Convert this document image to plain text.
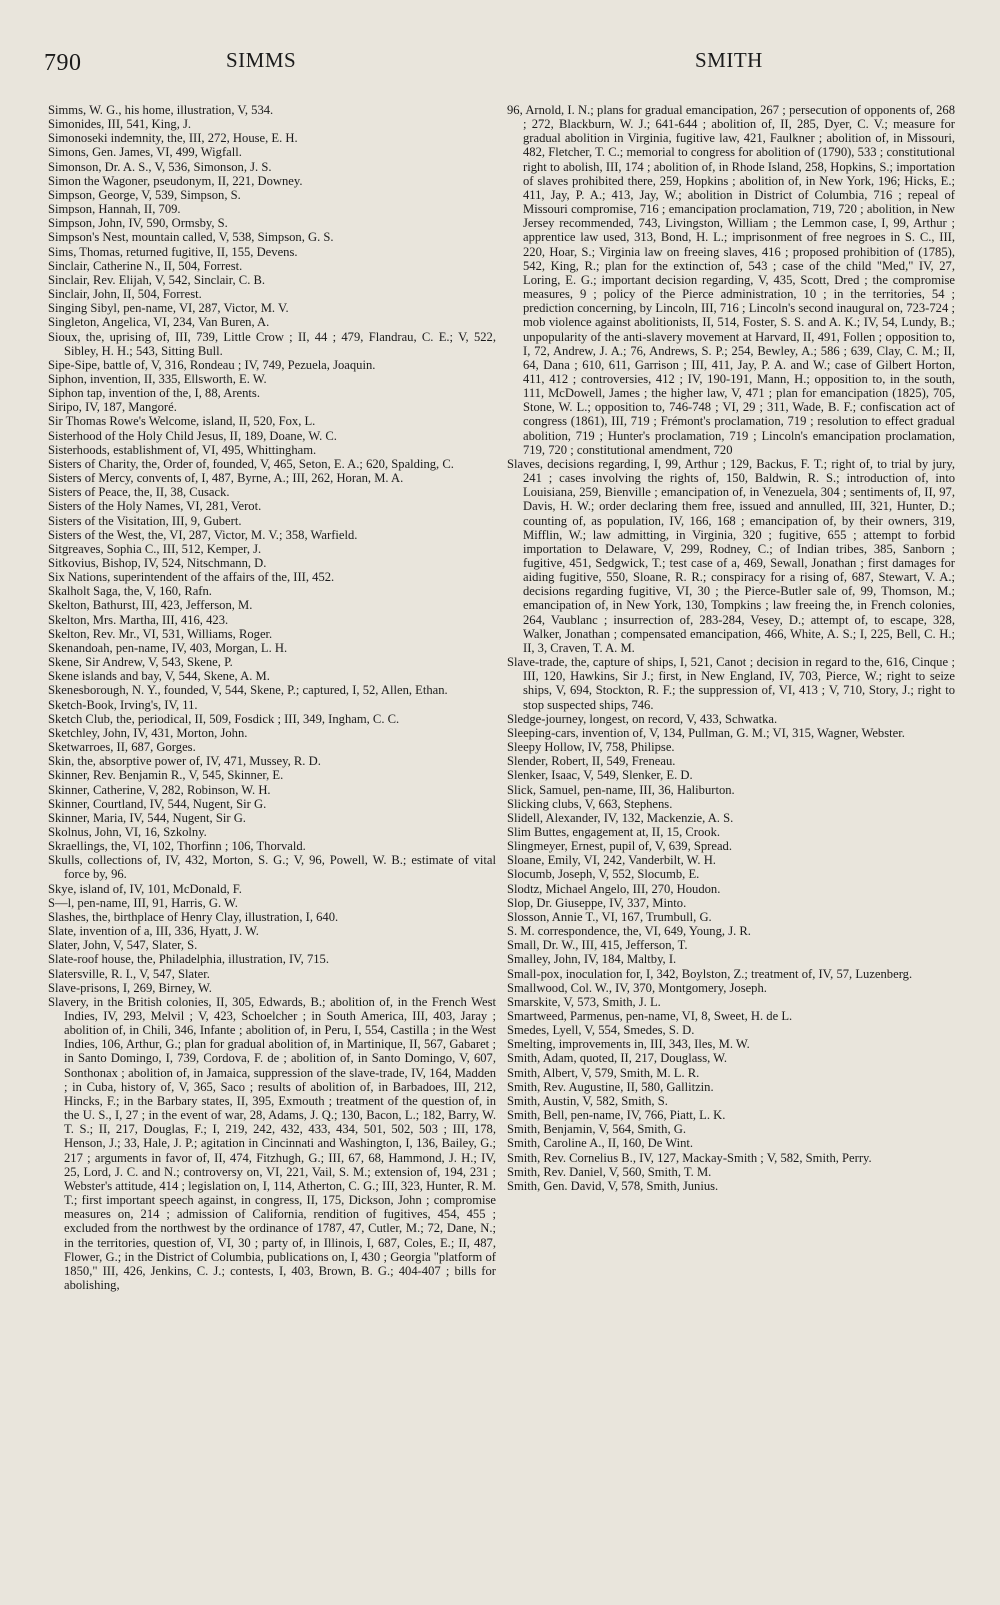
790	SIMMS	SMITH

Simms, W. G., his home, illustration, V, 534.

Simonides, III, 541, King, J.

Simonoseki indemnity, the, III, 272, House, E. H.

Simons, Gen. James, VI, 499, Wigfall.

Simonson, Dr. A. S., V, 536, Simonson, J. S.

Simon the Wagoner, pseudonym, II, 221, Downey.

Simpson, George, V, 539, Simpson, S.

Simpson, Hannah, II, 709.

Simpson, John, IV, 590, Ormsby, S.

Simpson's Nest, mountain called, V, 538, Simpson, G. S.

Sims, Thomas, returned fugitive, II, 155, Devens.

Sinclair, Catherine N., II, 504, Forrest.

Sinclair, Rev. Elijah, V, 542, Sinclair, C. B.

Sinclair, John, II, 504, Forrest.

Singing Sibyl, pen-name, VI, 287, Victor, M. V.

Singleton, Angelica, VI, 234, Van Buren, A.

Sioux, the, uprising of, III, 739, Little Crow ; II, 44 ; 479, Flandrau, C. E.; V, 522, Sibley, H. H.; 543, Sitting Bull.

Sipe-Sipe, battle of, V, 316, Rondeau ; IV, 749, Pezuela, Joaquin.

Siphon, invention, II, 335, Ellsworth, E. W.

Siphon tap, invention of the, I, 88, Arents.

Siripo, IV, 187, Mangoré.

Sir Thomas Rowe's Welcome, island, II, 520, Fox, L.

Sisterhood of the Holy Child Jesus, II, 189, Doane, W. C.

Sisterhoods, establishment of, VI, 495, Whittingham.

Sisters of Charity, the, Order of, founded, V, 465, Seton, E. A.; 620, Spalding, C.

Sisters of Mercy, convents of, I, 487, Byrne, A.; III, 262, Horan, M. A.

Sisters of Peace, the, II, 38, Cusack.

Sisters of the Holy Names, VI, 281, Verot.

Sisters of the Visitation, III, 9, Gubert.

Sisters of the West, the, VI, 287, Victor, M. V.; 358, Warfield.

Sitgreaves, Sophia C., III, 512, Kemper, J.

Sitkovius, Bishop, IV, 524, Nitschmann, D.

Six Nations, superintendent of the affairs of the, III, 452.

Skalholt Saga, the, V, 160, Rafn.

Skelton, Bathurst, III, 423, Jefferson, M.

Skelton, Mrs. Martha, III, 416, 423.

Skelton, Rev. Mr., VI, 531, Williams, Roger.

Skenandoah, pen-name, IV, 403, Morgan, L. H.

Skene, Sir Andrew, V, 543, Skene, P.

Skene islands and bay, V, 544, Skene, A. M.

Skenesborough, N. Y., founded, V, 544, Skene, P.; captured, I, 52, Allen, Ethan.

Sketch-Book, Irving's, IV, 11.

Sketch Club, the, periodical, II, 509, Fosdick ; III, 349, Ingham, C. C.

Sketchley, John, IV, 431, Morton, John.

Sketwarroes, II, 687, Gorges.

Skin, the, absorptive power of, IV, 471, Mussey, R. D.

Skinner, Rev. Benjamin R., V, 545, Skinner, E.

Skinner, Catherine, V, 282, Robinson, W. H.

Skinner, Courtland, IV, 544, Nugent, Sir G.

Skinner, Maria, IV, 544, Nugent, Sir G.

Skolnus, John, VI, 16, Szkolny.

Skraellings, the, VI, 102, Thorfinn ; 106, Thorvald.

Skulls, collections of, IV, 432, Morton, S. G.; V, 96, Powell, W. B.; estimate of vital force by, 96.

Skye, island of, IV, 101, McDonald, F.

S—l, pen-name, III, 91, Harris, G. W.

Slashes, the, birthplace of Henry Clay, illustration, I, 640.

Slate, invention of a, III, 336, Hyatt, J. W.

Slater, John, V, 547, Slater, S.

Slate-roof house, the, Philadelphia, illustration, IV, 715.

Slatersville, R. I., V, 547, Slater.

Slave-prisons, I, 269, Birney, W.

Slavery, in the British colonies, II, 305, Edwards, B.; abolition of, in the French West Indies, IV, 293, Melvil ; V, 423, Schoelcher ; in South America, III, 403, Jaray ; abolition of, in Chili, 346, Infante ; abolition of, in Peru, I, 554, Castilla ; in the West Indies, 106, Arthur, G.; plan for gradual abolition of, in Martinique, II, 567, Gabaret ; in Santo Domingo, I, 739, Cordova, F. de ; abolition of, in Santo Domingo, V, 607, Sonthonax ; abolition of, in Jamaica, suppression of the slave-trade, IV, 164, Madden ; in Cuba, history of, V, 365, Saco ; results of abolition of, in Barbadoes, III, 212, Hincks, F.; in the Barbary states, II, 395, Exmouth ; treatment of the question of, in the U. S., I, 27 ; in the event of war, 28, Adams, J. Q.; 130, Bacon, L.; 182, Barry, W. T. S.; II, 217, Douglas, F.; I, 219, 242, 432, 433, 434, 501, 502, 503 ; III, 178, Henson, J.; 33, Hale, J. P.; agitation in Cincinnati and Washington, I, 136, Bailey, G.; 217 ; arguments in favor of, II, 474, Fitzhugh, G.; III, 67, 68, Hammond, J. H.; IV, 25, Lord, J. C. and N.; controversy on, VI, 221, Vail, S. M.; extension of, 194, 231 ; Webster's attitude, 414 ; legislation on, I, 114, Atherton, C. G.; III, 323, Hunter, R. M. T.; first important speech against, in congress, II, 175, Dickson, John ; compromise measures on, 214 ; admission of California, rendition of fugitives, 454, 455 ; excluded from the northwest by the ordinance of 1787, 47, Cutler, M.; 72, Dane, N.; in the territories, question of, VI, 30 ; party of, in Illinois, I, 687, Coles, E.; II, 487, Flower, G.; in the District of Columbia, publications on, I, 430 ; Georgia "platform of 1850," III, 426, Jenkins, C. J.; contests, I, 403, Brown, B. G.; 404-407 ; bills for abolishing,

96, Arnold, I. N.; plans for gradual emancipation, 267 ; persecution of opponents of, 268 ; 272, Blackburn, W. J.; 641-644 ; abolition of, II, 285, Dyer, C. V.; measure for gradual abolition in Virginia, fugitive law, 421, Faulkner ; abolition of, in Missouri, 482, Fletcher, T. C.; memorial to congress for abolition of (1790), 533 ; constitutional right to abolish, III, 174 ; abolition of, in Rhode Island, 258, Hopkins, S.; importation of slaves prohibited there, 259, Hopkins ; abolition of, in New York, 196; Hicks, E.; 411, Jay, P. A.; 413, Jay, W.; abolition in District of Columbia, 716 ; repeal of Missouri compromise, 716 ; emancipation proclamation, 719, 720 ; abolition, in New Jersey recommended, 743, Livingston, William ; the Lemmon case, I, 99, Arthur ; apprentice law used, 313, Bond, H. L.; imprisonment of free negroes in S. C., III, 220, Hoar, S.; Virginia law on freeing slaves, 416 ; proposed prohibition of (1785), 542, King, R.; plan for the extinction of, 543 ; case of the child "Med," IV, 27, Loring, E. G.; important decision regarding, V, 435, Scott, Dred ; the compromise measures, 9 ; policy of the Pierce administration, 10 ; in the territories, 54 ; prediction concerning, by Lincoln, III, 716 ; Lincoln's second inaugural on, 723-724 ; mob violence against abolitionists, II, 514, Foster, S. S. and A. K.; IV, 54, Lundy, B.; unpopularity of the anti-slavery movement at Harvard, II, 491, Follen ; opposition to, I, 72, Andrew, J. A.; 76, Andrews, S. P.; 254, Bewley, A.; 586 ; 639, Clay, C. M.; II, 64, Dana ; 610, 611, Garrison ; III, 411, Jay, P. A. and W.; case of Gilbert Horton, 411, 412 ; controversies, 412 ; IV, 190-191, Mann, H.; opposition to, in the south, 111, McDowell, James ; the higher law, V, 471 ; plan for emancipation (1825), 705, Stone, W. L.; opposition to, 746-748 ; VI, 29 ; 311, Wade, B. F.; confiscation act of congress (1861), III, 719 ; Frémont's proclamation, 719 ; resolution to effect gradual abolition, 719 ; Hunter's proclamation, 719 ; Lincoln's emancipation proclamation, 719, 720 ; constitutional amendment, 720

Slaves, decisions regarding, I, 99, Arthur ; 129, Backus, F. T.; right of, to trial by jury, 241 ; cases involving the rights of, 150, Baldwin, R. S.; introduction of, into Louisiana, 259, Bienville ; emancipation of, in Venezuela, 304 ; sentiments of, II, 97, Davis, H. W.; order declaring them free, issued and annulled, III, 321, Hunter, D.; counting of, as population, IV, 166, 168 ; emancipation of, by their owners, 319, Mifflin, W.; law admitting, in Virginia, 320 ; fugitive, 655 ; attempt to forbid importation to Delaware, V, 299, Rodney, C.; of Indian tribes, 385, Sanborn ; fugitive, 451, Sedgwick, T.; test case of a, 469, Sewall, Jonathan ; first damages for aiding fugitive, 550, Sloane, R. R.; conspiracy for a rising of, 687, Stewart, V. A.; decisions regarding fugitive, VI, 30 ; the Pierce-Butler sale of, 99, Thomson, M.; emancipation of, in New York, 130, Tompkins ; law freeing the, in French colonies, 264, Vaublanc ; insurrection of, 283-284, Vesey, D.; attempt of, to escape, 328, Walker, Jonathan ; compensated emancipation, 466, White, A. S.; I, 225, Bell, C. H.; II, 3, Craven, T. A. M.

Slave-trade, the, capture of ships, I, 521, Canot ; decision in regard to the, 616, Cinque ; III, 120, Hawkins, Sir J.; first, in New England, IV, 703, Pierce, W.; right to seize ships, V, 694, Stockton, R. F.; the suppression of, VI, 413 ; V, 710, Story, J.; right to stop suspected ships, 746.

Sledge-journey, longest, on record, V, 433, Schwatka.

Sleeping-cars, invention of, V, 134, Pullman, G. M.; VI, 315, Wagner, Webster.

Sleepy Hollow, IV, 758, Philipse.

Slender, Robert, II, 549, Freneau.

Slenker, Isaac, V, 549, Slenker, E. D.

Slick, Samuel, pen-name, III, 36, Haliburton.

Slicking clubs, V, 663, Stephens.

Slidell, Alexander, IV, 132, Mackenzie, A. S.

Slim Buttes, engagement at, II, 15, Crook.

Slingmeyer, Ernest, pupil of, V, 639, Spread.

Sloane, Emily, VI, 242, Vanderbilt, W. H.

Slocumb, Joseph, V, 552, Slocumb, E.

Slodtz, Michael Angelo, III, 270, Houdon.

Slop, Dr. Giuseppe, IV, 337, Minto.

Slosson, Annie T., VI, 167, Trumbull, G.

S. M. correspondence, the, VI, 649, Young, J. R.

Small, Dr. W., III, 415, Jefferson, T.

Smalley, John, IV, 184, Maltby, I.

Small-pox, inoculation for, I, 342, Boylston, Z.; treatment of, IV, 57, Luzenberg.

Smallwood, Col. W., IV, 370, Montgomery, Joseph.

Smarskite, V, 573, Smith, J. L.

Smartweed, Parmenus, pen-name, VI, 8, Sweet, H. de L.

Smedes, Lyell, V, 554, Smedes, S. D.

Smelting, improvements in, III, 343, Iles, M. W.

Smith, Adam, quoted, II, 217, Douglass, W.

Smith, Albert, V, 579, Smith, M. L. R.

Smith, Rev. Augustine, II, 580, Gallitzin.

Smith, Austin, V, 582, Smith, S.

Smith, Bell, pen-name, IV, 766, Piatt, L. K.

Smith, Benjamin, V, 564, Smith, G.

Smith, Caroline A., II, 160, De Wint.

Smith, Rev. Cornelius B., IV, 127, Mackay-Smith ; V, 582, Smith, Perry.

Smith, Rev. Daniel, V, 560, Smith, T. M.

Smith, Gen. David, V, 578, Smith, Junius.
